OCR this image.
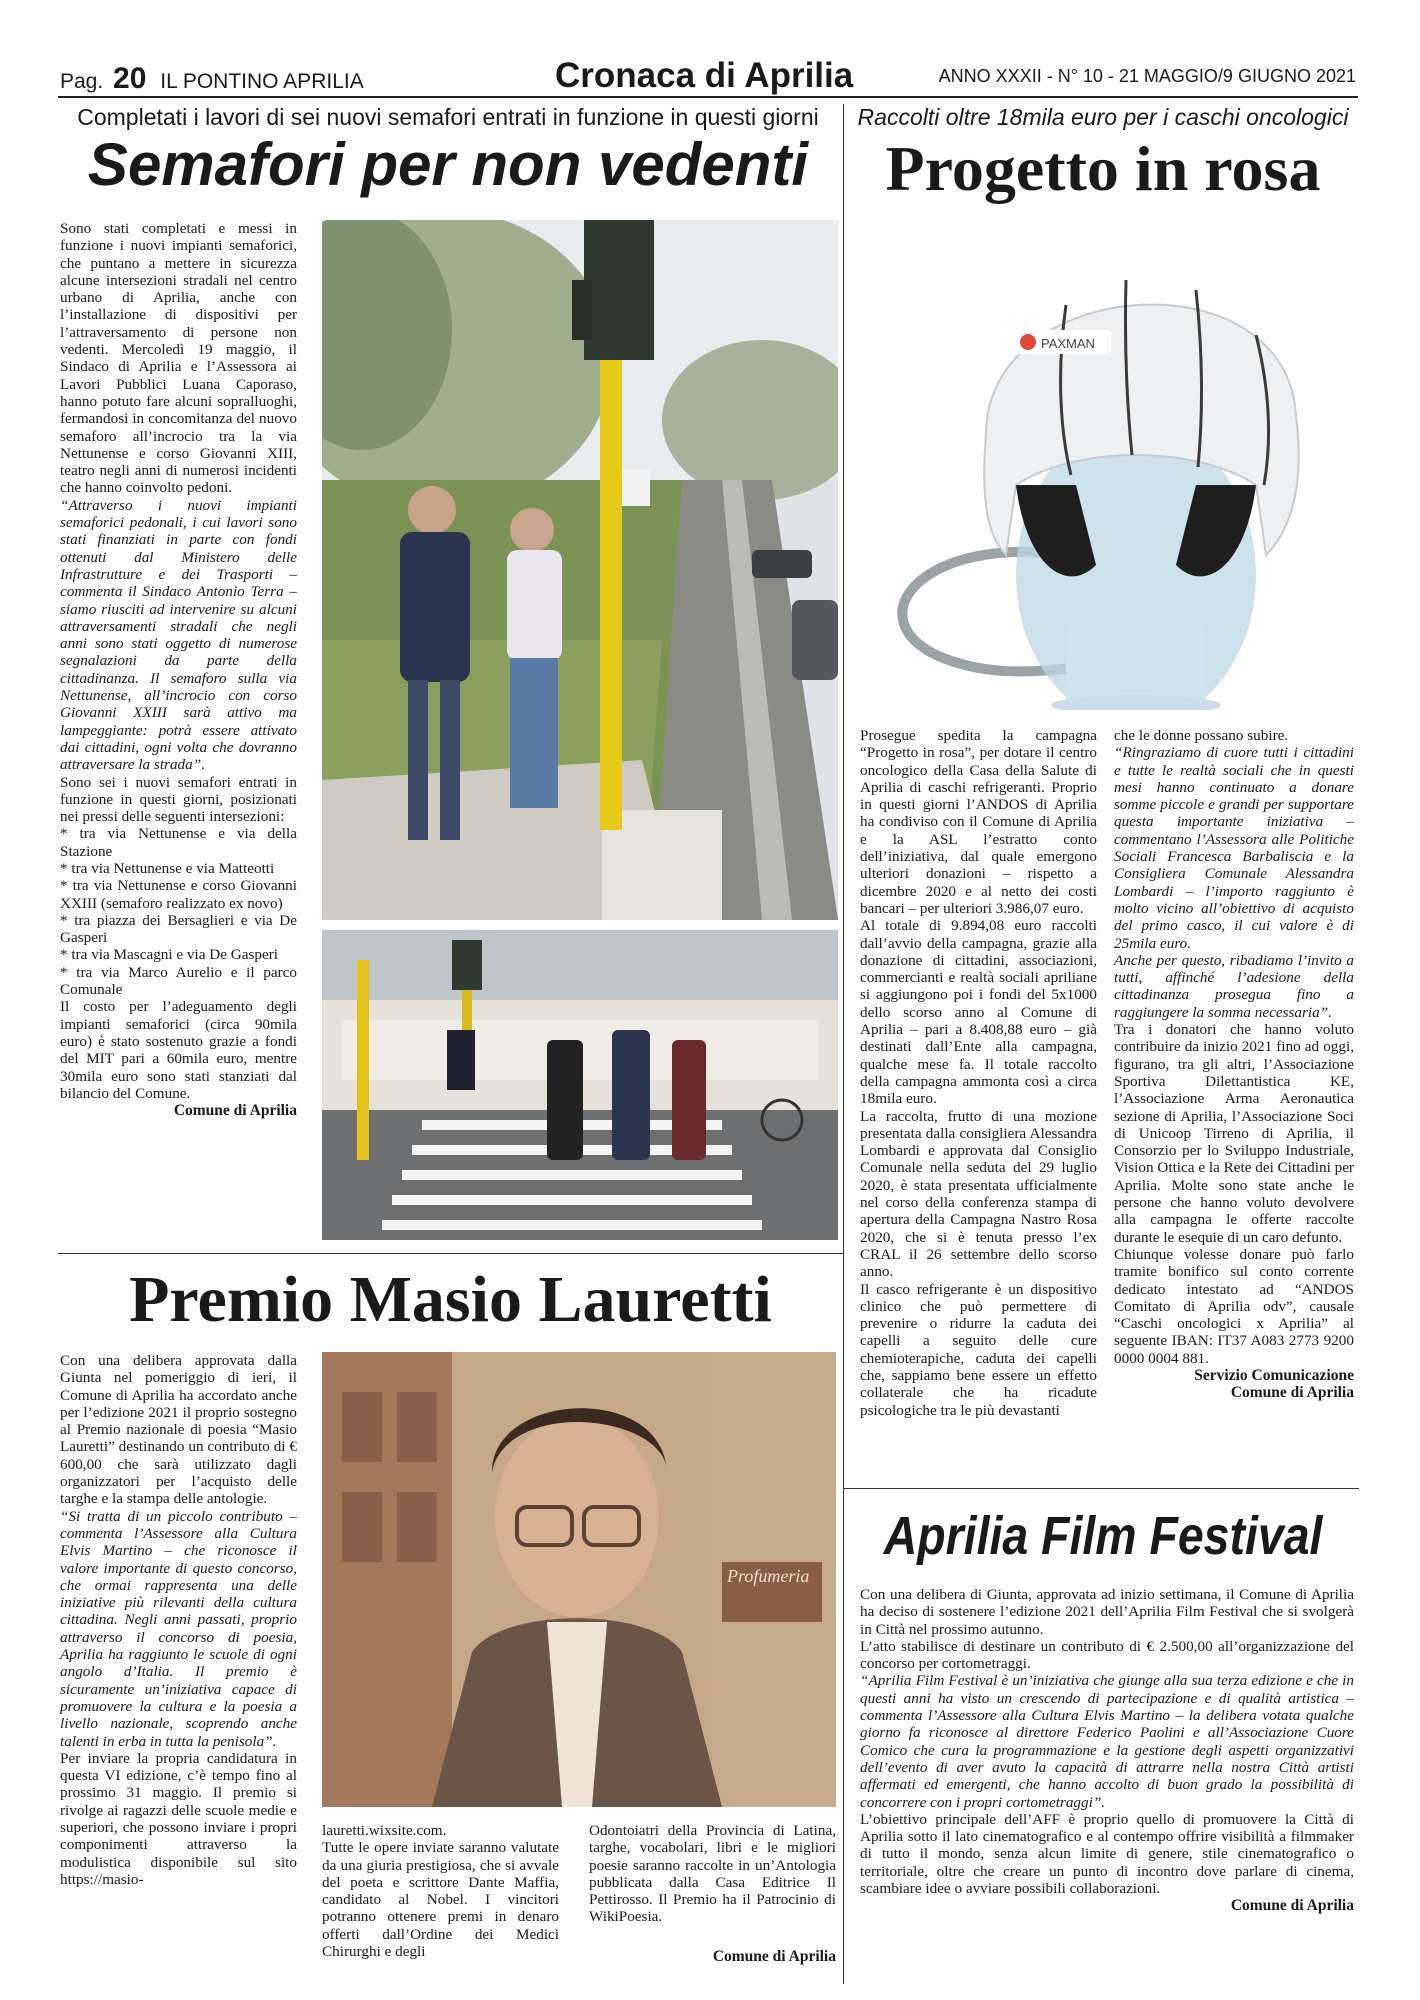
Pag. 20 IL PONTINO APRILIA	Cronaca di Aprilia	ANNO XXXII - N° 10 - 21 MAGGIO/9 GIUGNO 2021
Completati i lavori di sei nuovi semafori entrati in funzione in questi giorni
Semafori per non vedenti

Sono stati completati e messi in funzione i nuovi impianti semaforici, che puntano a mettere in sicurezza alcune intersezioni stradali nel centro urbano di Aprilia, anche con l’installazione di dispositivi per l’attraversamento di persone non vedenti. Mercoledì 19 maggio, il Sindaco di Aprilia e l’Assessora ai Lavori Pubblici Luana Caporaso, hanno potuto fare alcuni sopralluoghi, fermandosi in concomitanza del nuovo semaforo all’incrocio tra la via Nettunense e corso Giovanni XIII, teatro negli anni di numerosi incidenti che hanno coinvolto pedoni.

“Attraverso i nuovi impianti semaforici pedonali, i cui lavori sono stati finanziati in parte con fondi ottenuti dal Ministero delle Infrastrutture e dei Trasporti – commenta il Sindaco Antonio Terra – siamo riusciti ad intervenire su alcuni attraversamenti stradali che negli anni sono stati oggetto di numerose segnalazioni da parte della cittadinanza. Il semaforo sulla via Nettunense, all’incrocio con corso Giovanni XXIII sarà attivo ma lampeggiante: potrà essere attivato dai cittadini, ogni volta che dovranno attraversare la strada”.

Sono sei i nuovi semafori entrati in funzione in questi giorni, posizionati nei pressi delle seguenti intersezioni:

* tra via Nettunense e via della Stazione

* tra via Nettunense e via Matteotti

* tra via Nettunense e corso Giovanni XXIII (semaforo realizzato ex novo)

* tra piazza dei Bersaglieri e via De Gasperi

* tra via Mascagni e via De Gasperi

* tra via Marco Aurelio e il parco Comunale

Il costo per l’adeguamento degli impianti semaforici (circa 90mila euro) è stato sostenuto grazie a fondi del MIT pari a 60mila euro, mentre 30mila euro sono stati stanziati dal bilancio del Comune.

Comune di Aprilia
Raccolti oltre 18mila euro per i caschi oncologici
Progetto in rosa
PAXMAN

Prosegue spedita la campagna “Progetto in rosa”, per dotare il centro oncologico della Casa della Salute di Aprilia di caschi refrigeranti. Proprio in questi giorni l’ANDOS di Aprilia ha condiviso con il Comune di Aprilia e la ASL l’estratto conto dell’iniziativa, dal quale emergono ulteriori donazioni – rispetto a dicembre 2020 e al netto dei costi bancari – per ulteriori 3.986,07 euro.

Al totale di 9.894,08 euro raccolti dall’avvio della campagna, grazie alla donazione di cittadini, associazioni, commercianti e realtà sociali apriliane si aggiungono poi i fondi del 5x1000 dello scorso anno al Comune di Aprilia – pari a 8.408,88 euro – già destinati dall’Ente alla campagna, qualche mese fa. Il totale raccolto della campagna ammonta così a circa 18mila euro.

La raccolta, frutto di una mozione presentata dalla consigliera Alessandra Lombardi e approvata dal Consiglio Comunale nella seduta del 29 luglio 2020, è stata presentata ufficialmente nel corso della conferenza stampa di apertura della Campagna Nastro Rosa 2020, che si è tenuta presso l’ex CRAL il 26 settembre dello scorso anno.

Il casco refrigerante è un dispositivo clinico che può permettere di prevenire o ridurre la caduta dei capelli a seguito delle cure chemioterapiche, caduta dei capelli che, sappiamo bene essere un effetto collaterale che ha ricadute psicologiche tra le più devastanti

che le donne possano subire.

“Ringraziamo di cuore tutti i cittadini e tutte le realtà sociali che in questi mesi hanno continuato a donare somme piccole e grandi per supportare questa importante iniziativa – commentano l’Assessora alle Politiche Sociali Francesca Barbaliscia e la Consigliera Comunale Alessandra Lombardi – l’importo raggiunto è molto vicino all’obiettivo di acquisto del primo casco, il cui valore è di 25mila euro.

Anche per questo, ribadiamo l’invito a tutti, affinché l’adesione della cittadinanza prosegua fino a raggiungere la somma necessaria”.

Tra i donatori che hanno voluto contribuire da inizio 2021 fino ad oggi, figurano, tra gli altri, l’Associazione Sportiva Dilettantistica KE, l’Associazione Arma Aeronautica sezione di Aprilia, l’Associazione Soci di Unicoop Tirreno di Aprilia, il Consorzio per lo Sviluppo Industriale, Vision Ottica e la Rete dei Cittadini per Aprilia. Molte sono state anche le persone che hanno voluto devolvere alla campagna le offerte raccolte durante le esequie di un caro defunto.

Chiunque volesse donare può farlo tramite bonifico sul conto corrente dedicato intestato ad “ANDOS Comitato di Aprilia odv”, causale “Caschi oncologici x Aprilia” al seguente IBAN: IT37 A083 2773 9200 0000 0004 881.

Servizio Comunicazione
Comune di Aprilia
Premio Masio Lauretti

Con una delibera approvata dalla Giunta nel pomeriggio di ieri, il Comune di Aprilia ha accordato anche per l’edizione 2021 il proprio sostegno al Premio nazionale di poesia “Masio Lauretti” destinando un contributo di € 600,00 che sarà utilizzato dagli organizzatori per l’acquisto delle targhe e la stampa delle antologie.

“Si tratta di un piccolo contributo – commenta l’Assessore alla Cultura Elvis Martino – che riconosce il valore importante di questo concorso, che ormai rappresenta una delle iniziative più rilevanti della cultura cittadina. Negli anni passati, proprio attraverso il concorso di poesia, Aprilia ha raggiunto le scuole di ogni angolo d’Italia. Il premio è sicuramente un’iniziativa capace di promuovere la cultura e la poesia a livello nazionale, scoprendo anche talenti in erba in tutta la penisola”.

Per inviare la propria candidatura in questa VI edizione, c’è tempo fino al prossimo 31 maggio. Il premio si rivolge ai ragazzi delle scuole medie e superiori, che possono inviare i propri componimenti attraverso la modulistica disponibile sul sito https://masio-

Profumeria

lauretti.wixsite.com.

Tutte le opere inviate saranno valutate da una giuria prestigiosa, che si avvale del poeta e scrittore Dante Maffia, candidato al Nobel. I vincitori potranno ottenere premi in denaro offerti dall’Ordine dei Medici Chirurghi e degli

Odontoiatri della Provincia di Latina, targhe, vocabolari, libri e le migliori poesie saranno raccolte in un’Antologia pubblicata dalla Casa Editrice Il Pettirosso. Il Premio ha il Patrocinio di WikiPoesia.

Comune di Aprilia
Aprilia Film Festival

Con una delibera di Giunta, approvata ad inizio settimana, il Comune di Aprilia ha deciso di sostenere l’edizione 2021 dell’Aprilia Film Festival che si svolgerà in Città nel prossimo autunno.

L’atto stabilisce di destinare un contributo di € 2.500,00 all’organizzazione del concorso per cortometraggi.

“Aprilia Film Festival è un’iniziativa che giunge alla sua terza edizione e che in questi anni ha visto un crescendo di partecipazione e di qualità artistica – commenta l’Assessore alla Cultura Elvis Martino – la delibera votata qualche giorno fa riconosce al direttore Federico Paolini e all’Associazione Cuore Comico che cura la programmazione e la gestione degli aspetti organizzativi dell’evento di aver avuto la capacità di attrarre nella nostra Città artisti affermati ed emergenti, che hanno accolto di buon grado la possibilità di concorrere con i propri cortometraggi”.

L’obiettivo principale dell’AFF è proprio quello di promuovere la Città di Aprilia sotto il lato cinematografico e al contempo offrire visibilità a filmmaker di tutto il mondo, senza alcun limite di genere, stile cinematografico o territoriale, oltre che creare un punto di incontro dove parlare di cinema, scambiare idee o avviare possibili collaborazioni.

Comune di Aprilia
